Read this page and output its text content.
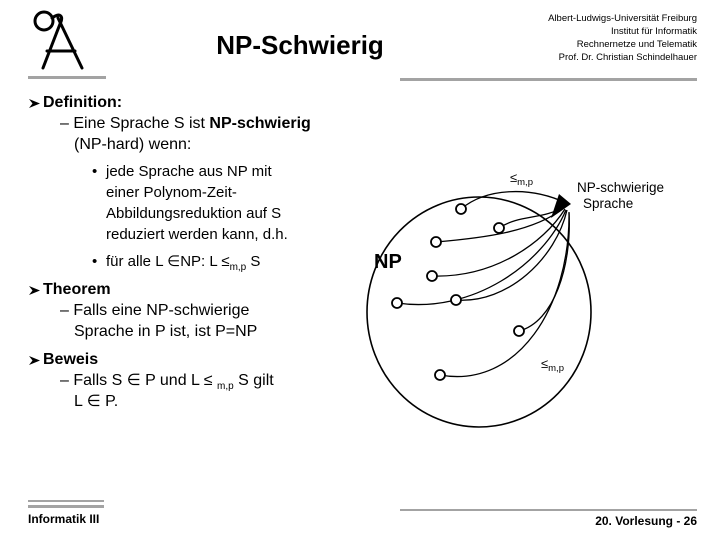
NP-Schwierig
Albert-Ludwigs-Universität Freiburg
Institut für Informatik
Rechnernetze und Telematik
Prof. Dr. Christian Schindelhauer
Definition:
– Eine Sprache S ist NP-schwierig
(NP-hard) wenn:
• jede Sprache aus NP mit
einer Polynom-Zeit-
Abbildungsreduktion auf S
reduziert werden kann, d.h.
• für alle L ∈NP: $L \le_{m,p}$ S
Theorem
– Falls eine NP-schwierige
Sprache in P ist, ist P=NP
Beweis
– Falls S ∈ P und L ≤ $_{m,p}$ S gilt
L ∈ P.
NP
$\le_{m,p}$
$\le_{m,p}$
NP-schwierige
Sprache
Informatik III	20. Vorlesung - 26
